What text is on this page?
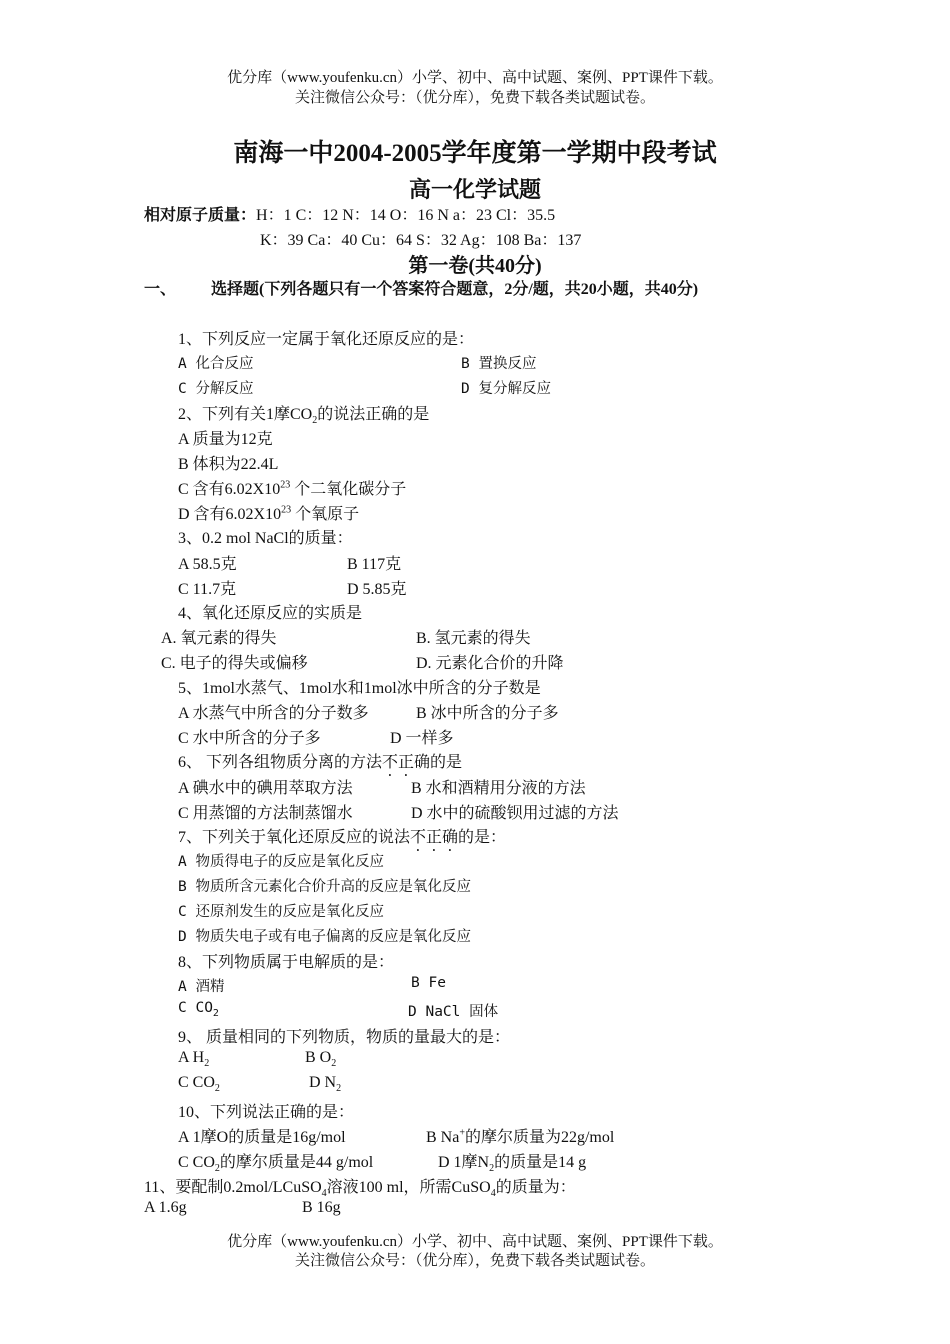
优分库（www.youfenku.cn）小学、初中、高中试题、案例、PPT课件下载。
关注微信公众号：（优分库），免费下载各类试题试卷。
南海一中2004-2005学年度第一学期中段考试
高一化学试题
相对原子质量：H：1 C：12 N：14 O：16 N a：23 Cl：35.5
K：39 Ca：40 Cu：64 S：32 Ag：108 Ba：137
第一卷(共40分)
一、 选择题(下列各题只有一个答案符合题意，2分/题，共20小题，共40分)
1、下列反应一定属于氧化还原反应的是：
A 化合反应	B 置换反应
C 分解反应	D 复分解反应
2、下列有关1摩$CO_2$的说法正确的是
A 质量为12克
B 体积为22.4L
C 含有$6.02X10^{23}$ 个二氧化碳分子
D 含有$6.02X10^{23}$ 个氧原子
3、0.2 mol NaCl的质量：
A 58.5克	B 117克
C 11.7克	D 5.85克
4、氧化还原反应的实质是
A. 氧元素的得失	B. 氢元素的得失
C. 电子的得失或偏移	D. 元素化合价的升降
5、1mol水蒸气、1mol水和1mol冰中所含的分子数是
A 水蒸气中所含的分子数多	B 冰中所含的分子多
C 水中所含的分子多	D 一样多
6、 下列各组物质分离的方法不正确的是
A 碘水中的碘用萃取方法	B 水和酒精用分液的方法
C 用蒸馏的方法制蒸馏水	D 水中的硫酸钡用过滤的方法
7、下列关于氧化还原反应的说法不正确的是：
A 物质得电子的反应是氧化反应
B 物质所含元素化合价升高的反应是氧化反应
C 还原剂发生的反应是氧化反应
D 物质失电子或有电子偏离的反应是氧化反应
8、下列物质属于电解质的是：
A 酒精	B Fe
C $CO_2$	D NaCl 固体
9、 质量相同的下列物质，物质的量最大的是：
A $H_2$	B $O_2$
C $CO_2$	D $N_2$
10、下列说法正确的是：
A 1摩O的质量是16g/mol	B Na+的摩尔质量为22g/mol
C $CO_2$的摩尔质量是44 g/mol	D 1摩$N_2$的质量是14 g
11、要配制0.2mol/LCuSO$_4$溶液100 ml，所需CuSO$_4$的质量为：
A 1.6g	B 16g
优分库（www.youfenku.cn）小学、初中、高中试题、案例、PPT课件下载。
关注微信公众号：（优分库），免费下载各类试题试卷。
